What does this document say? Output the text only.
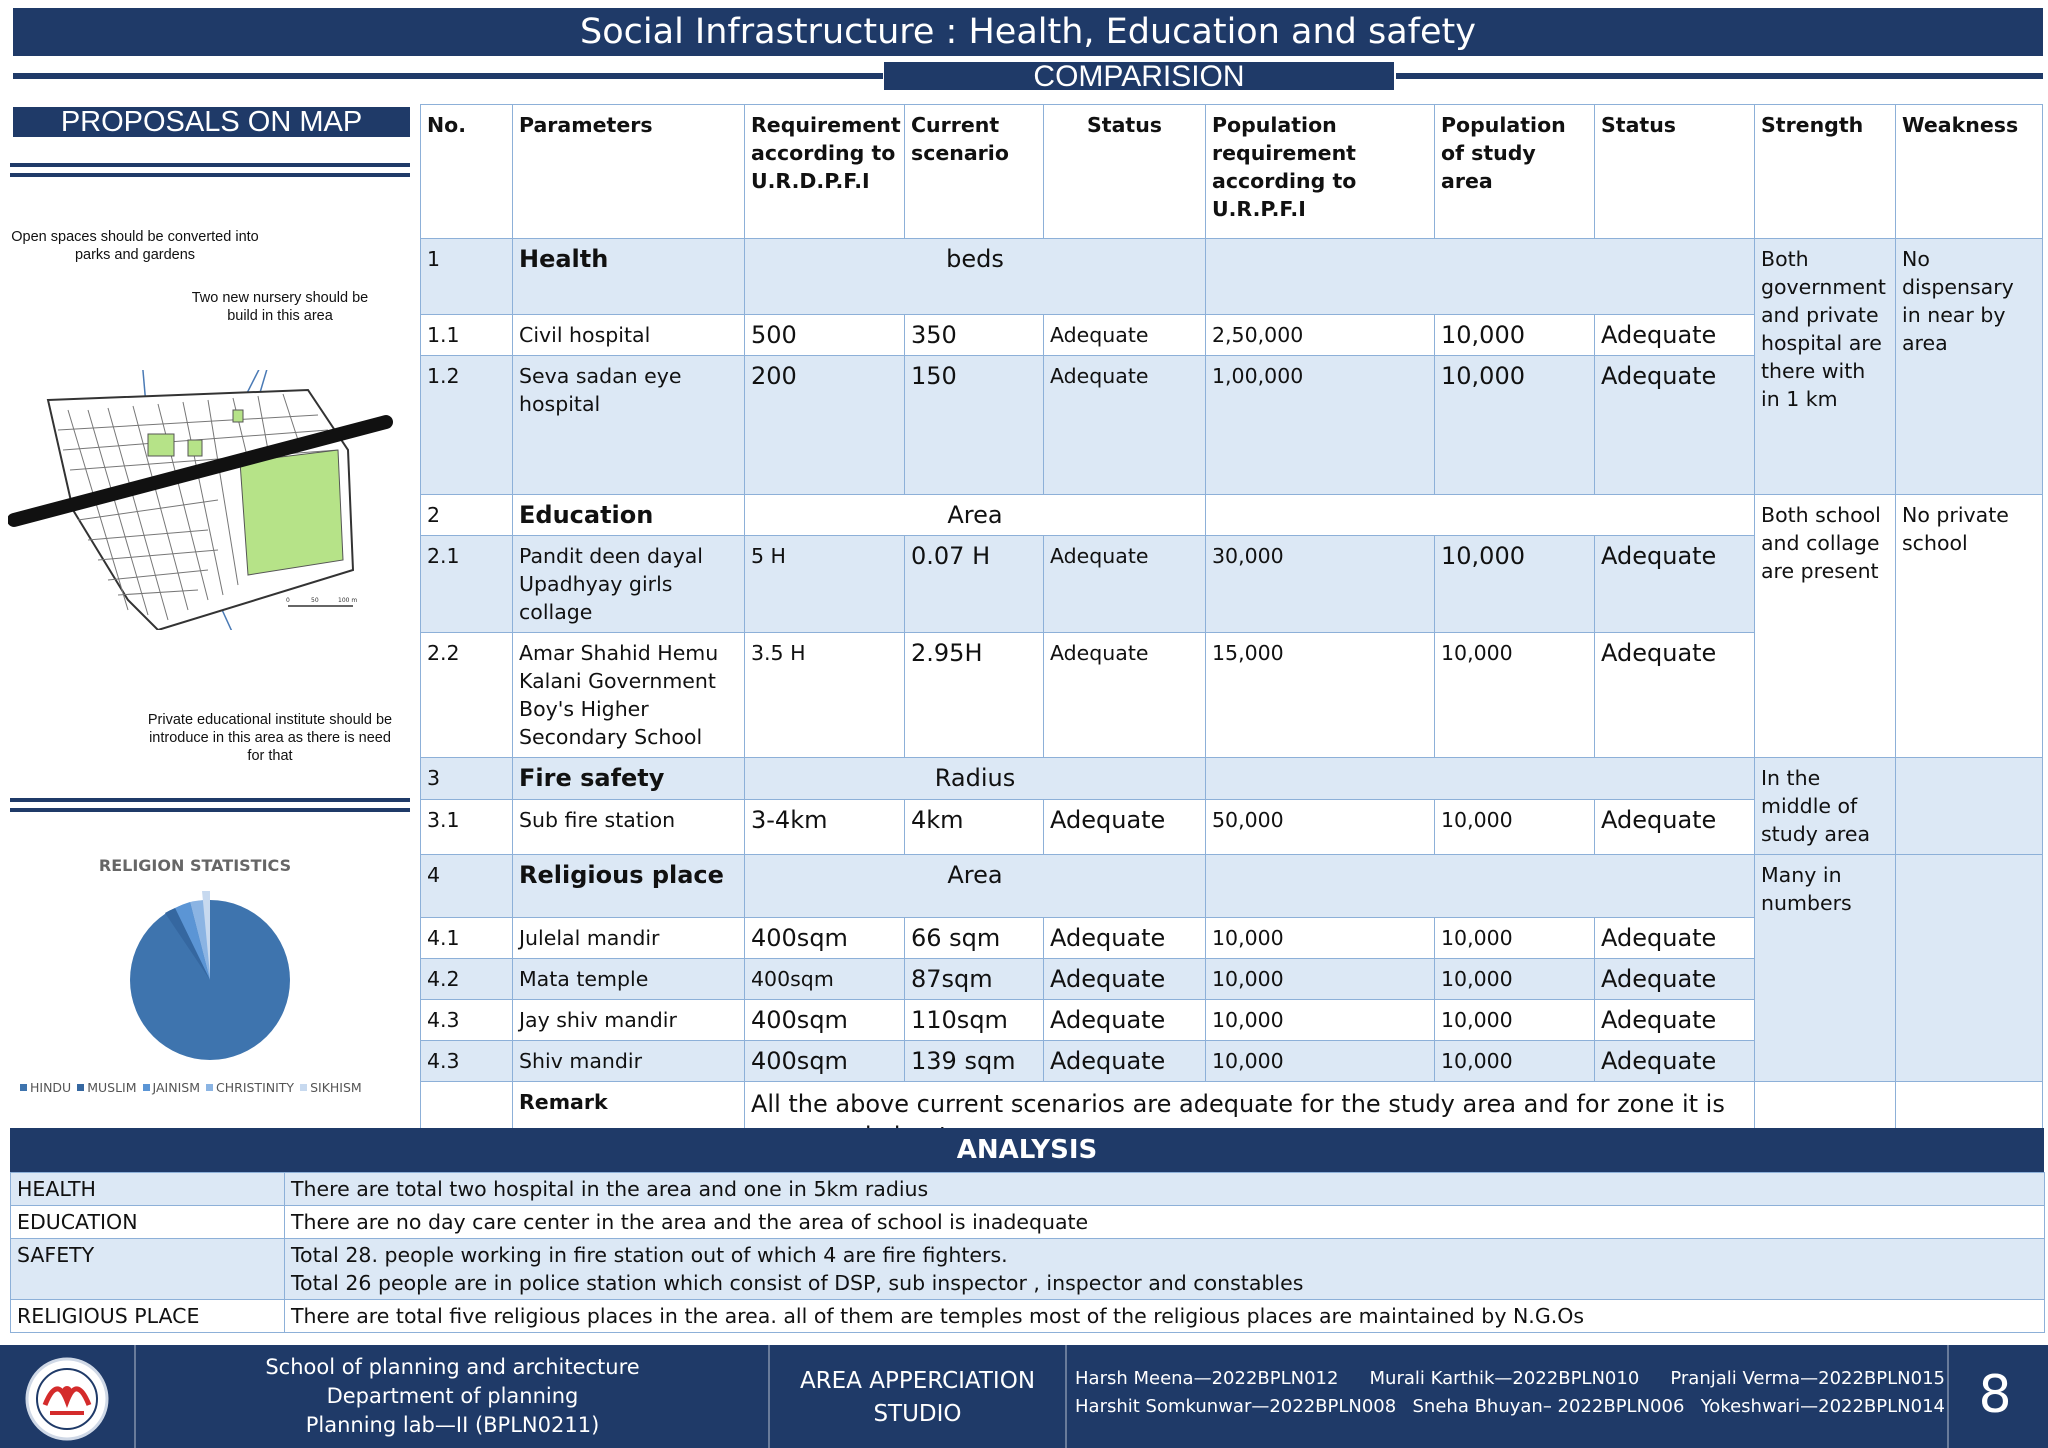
Social Infrastructure : Health, Education and safety
COMPARISION
PROPOSALS ON MAP
Open spaces should be converted into parks and gardens
Two new nursery should be build in this area
Private educational institute should be introduce in this area as there is need for that
0	50	100 m
RELIGION STATISTICS
HINDU MUSLIM JAINISM CHRISTINITY SIKHISM
No.	Parameters	Requirement according to U.R.D.P.F.I	Current scenario	Status	Population requirement according to U.R.P.F.I	Population of study area	Status	Strength	Weakness
1	Health	beds						Both government and private hospital are there with in 1 km	No dispensary in near by area
1.1	Civil hospital	500	350	Adequate	2,50,000	10,000	Adequate		
1.2	Seva sadan eye hospital	200	150	Adequate	1,00,000	10,000	Adequate		
2	Education	Area						Both school and collage are present	No private school
2.1	Pandit deen dayal Upadhyay girls collage	5 H	0.07 H	Adequate	30,000	10,000	Adequate		
2.2	Amar Shahid Hemu Kalani Government Boy's Higher Secondary School	3.5 H	2.95H	Adequate	15,000	10,000	Adequate		
3	Fire safety	Radius						In the middle of study area	
3.1	Sub fire station	3-4km	4km	Adequate	50,000	10,000	Adequate		
4	Religious place	Area						Many in numbers	
4.1	Julelal mandir	400sqm	66 sqm	Adequate	10,000	10,000	Adequate		
4.2	Mata temple	400sqm	87sqm	Adequate	10,000	10,000	Adequate		
4.3	Jay shiv mandir	400sqm	110sqm	Adequate	10,000	10,000	Adequate		
4.3	Shiv mandir	400sqm	139 sqm	Adequate	10,000	10,000	Adequate		
	Remark	All the above current scenarios are adequate for the study area and for zone it is							
ANALYSIS
HEALTH	There are total two hospital in the area and one in 5km radius
EDUCATION	There are no day care center in the area and the area of school is inadequate
SAFETY	Total 28. people working in fire station out of which 4 are fire fighters.
Total 26 people are in police station which consist of DSP, sub inspector , inspector and constables

RELIGIOUS PLACE	There are total five religious places in the area. all of them are temples most of the religious places are maintained by N.G.Os
School of planning and architecture
Department of planning
Planning lab—II (BPLN0211)
AREA APPERCIATION
STUDIO
Harsh Meena—2022BPLN012 Murali Karthik—2022BPLN010 Pranjali Verma—2022BPLN015
Harshit Somkunwar—2022BPLN008 Sneha Bhuyan– 2022BPLN006 Yokeshwari—2022BPLN014 8
